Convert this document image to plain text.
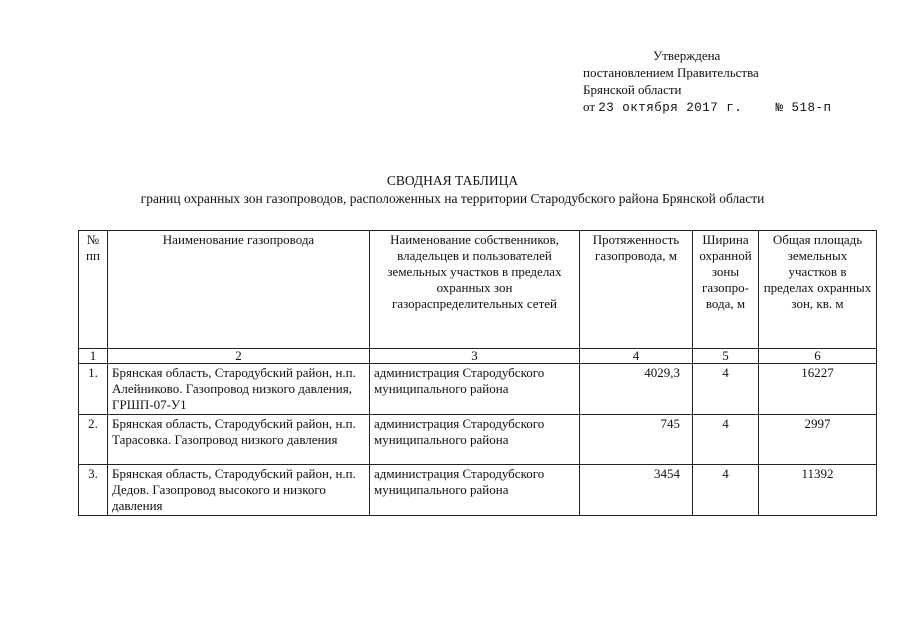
Утверждена
постановлением Правительства
Брянской области
от 23 октября 2017 г.	№ 518-п
СВОДНАЯ ТАБЛИЦА
границ охранных зон газопроводов, расположенных на территории Стародубского района Брянской области
№ пп	Наименование газопровода	Наименование собственников, владельцев и пользователей земельных участков в пределах охранных зон газораспределительных сетей	Протяженность газопровода, м	Ширина охранной зоны газопро-вода, м	Общая площадь земельных участков в пределах охранных зон, кв. м
1	2	3	4	5	6
1.	Брянская область, Стародубский район, н.п. Алейниково. Газопровод низкого давления, ГРШП-07-У1	администрация Стародубского муниципального района	4029,3	4	16227
2.	Брянская область, Стародубский район, н.п. Тарасовка. Газопровод низкого давления	администрация Стародубского муниципального района	745	4	2997
3.	Брянская область, Стародубский район, н.п. Дедов. Газопровод высокого и низкого давления	администрация Стародубского муниципального района	3454	4	11392
